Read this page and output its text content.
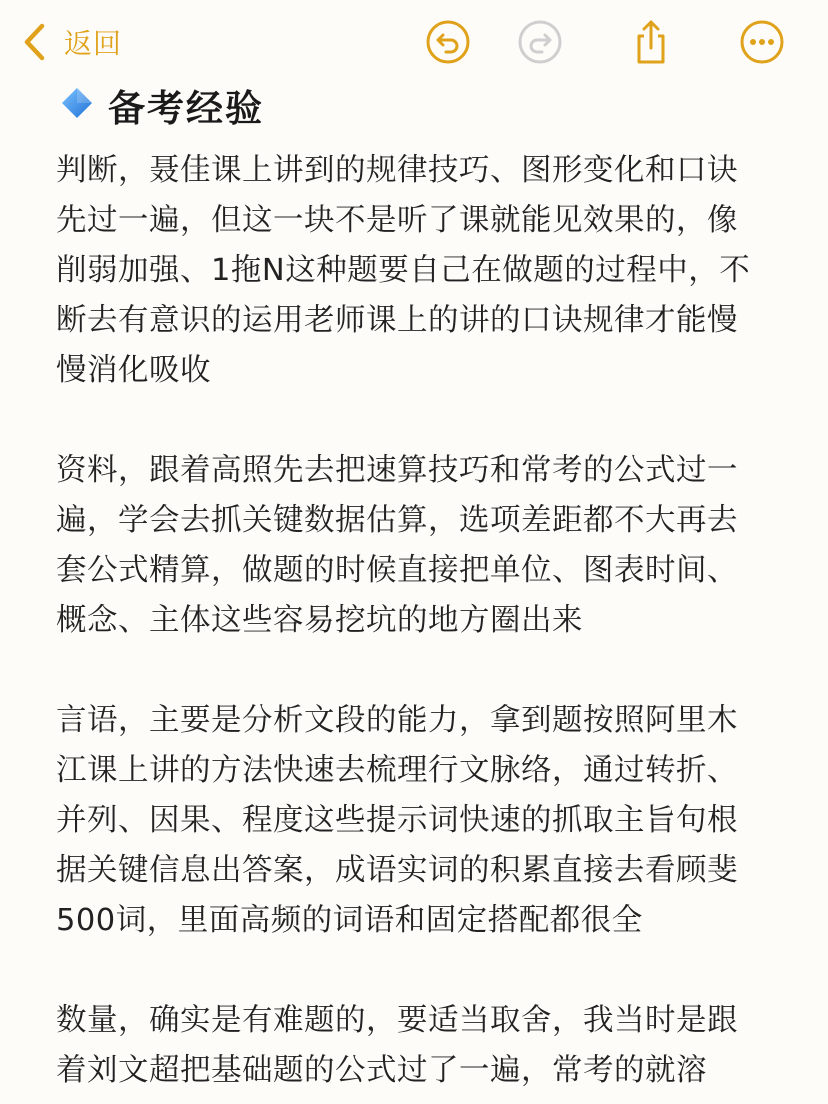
返回
备考经验
判断，聂佳课上讲到的规律技巧、图形变化和口诀
先过一遍，但这一块不是听了课就能见效果的，像
削弱加强、1拖N这种题要自己在做题的过程中，不
断去有意识的运用老师课上的讲的口诀规律才能慢
慢消化吸收
资料，跟着高照先去把速算技巧和常考的公式过一
遍，学会去抓关键数据估算，选项差距都不大再去
套公式精算，做题的时候直接把单位、图表时间、
概念、主体这些容易挖坑的地方圈出来
言语，主要是分析文段的能力，拿到题按照阿里木
江课上讲的方法快速去梳理行文脉络，通过转折、
并列、因果、程度这些提示词快速的抓取主旨句根
据关键信息出答案，成语实词的积累直接去看顾斐
500词，里面高频的词语和固定搭配都很全
数量，确实是有难题的，要适当取舍，我当时是跟
着刘文超把基础题的公式过了一遍，常考的就溶
